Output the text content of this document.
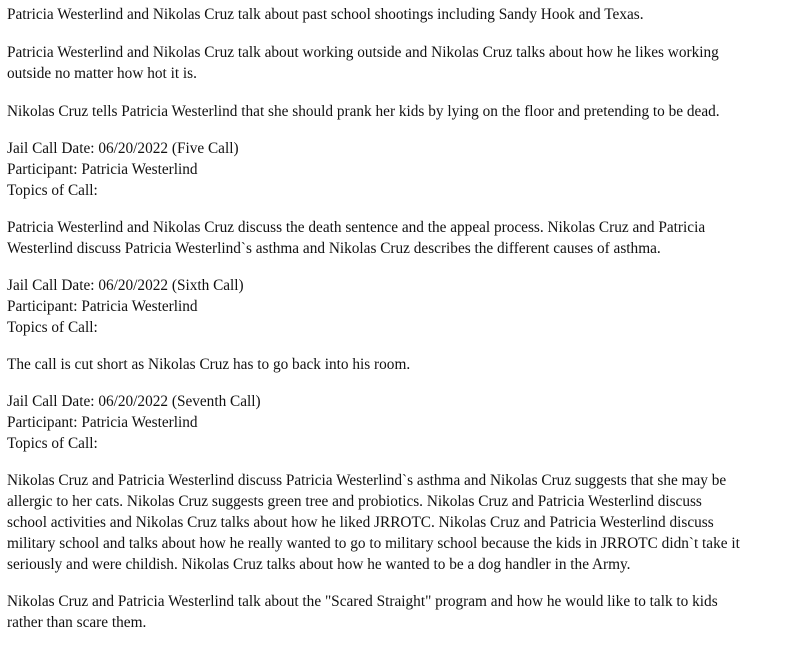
Patricia Westerlind and Nikolas Cruz talk about past school shootings including Sandy Hook and Texas.

Patricia Westerlind and Nikolas Cruz talk about working outside and Nikolas Cruz talks about how he likes working
outside no matter how hot it is.

Nikolas Cruz tells Patricia Westerlind that she should prank her kids by lying on the floor and pretending to be dead.

Jail Call Date: 06/20/2022 (Five Call)
Participant: Patricia Westerlind
Topics of Call:

Patricia Westerlind and Nikolas Cruz discuss the death sentence and the appeal process. Nikolas Cruz and Patricia
Westerlind discuss Patricia Westerlind`s asthma and Nikolas Cruz describes the different causes of asthma.

Jail Call Date: 06/20/2022 (Sixth Call)
Participant: Patricia Westerlind
Topics of Call:

The call is cut short as Nikolas Cruz has to go back into his room.

Jail Call Date: 06/20/2022 (Seventh Call)
Participant: Patricia Westerlind
Topics of Call:

Nikolas Cruz and Patricia Westerlind discuss Patricia Westerlind`s asthma and Nikolas Cruz suggests that she may be
allergic to her cats. Nikolas Cruz suggests green tree and probiotics. Nikolas Cruz and Patricia Westerlind discuss
school activities and Nikolas Cruz talks about how he liked JRROTC. Nikolas Cruz and Patricia Westerlind discuss
military school and talks about how he really wanted to go to military school because the kids in JRROTC didn`t take it
seriously and were childish. Nikolas Cruz talks about how he wanted to be a dog handler in the Army.

Nikolas Cruz and Patricia Westerlind talk about the "Scared Straight" program and how he would like to talk to kids
rather than scare them.
